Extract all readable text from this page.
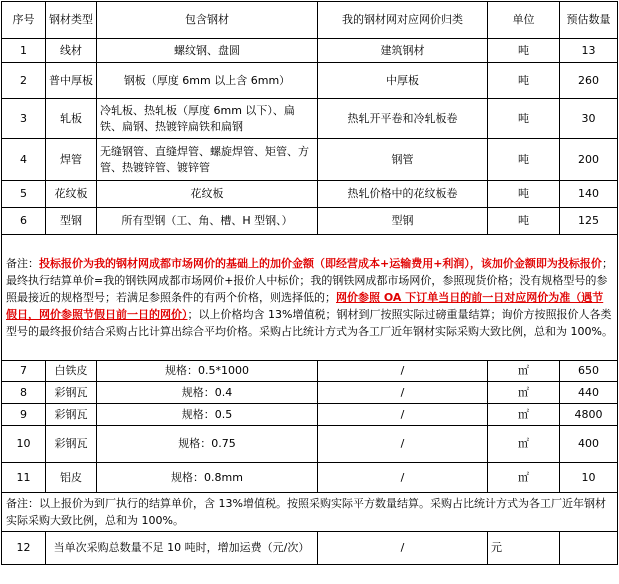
序号	钢材类型	包含钢材	我的钢材网对应网价归类	单位	预估数量
1	线材	螺纹钢、盘圆	建筑钢材	吨	13
2	普中厚板	钢板（厚度 6mm 以上含 6mm）	中厚板	吨	260
3	轧板	冷轧板、热轧板（厚度 6mm 以下）、扁铁、扁钢、热镀锌扁铁和扁钢	热轧开平卷和冷轧板卷	吨	30
4	焊管	无缝钢管、直缝焊管、螺旋焊管、矩管、方管、热镀锌管、镀锌管	钢管	吨	200
5	花纹板	花纹板	热轧价格中的花纹板卷	吨	140
6	型钢	所有型钢（工、角、槽、H 型钢、）	型钢	吨	125
备注：投标报价为我的钢材网成都市场网价的基础上的加价金额（即经营成本+运输费用+利润），该加价金额即为投标报价；最终执行结算单价=我的钢铁网成都市场网价+报价人中标价；我的钢铁网成都市场网价，参照现货价格；没有规格型号的参照最接近的规格型号；若满足参照条件的有两个价格，则选择低的；网价参照 OA 下订单当日的前一日对应网价为准（遇节假日，网价参照节假日前一日的网价）；以上价格均含 13%增值税；钢材到厂按照实际过磅重量结算；询价方按照报价人各类型号的最终报价结合采购占比计算出综合平均价格。采购占比统计方式为各工厂近年钢材实际采购大致比例，总和为 100%。					
7	白铁皮	规格：0.5*1000	/	㎡	650
8	彩钢瓦	规格：0.4	/	㎡	440
9	彩钢瓦	规格：0.5	/	㎡	4800
10	彩钢瓦	规格：0.75	/	㎡	400
11	铝皮	规格：0.8mm	/	㎡	10
备注：以上报价为到厂执行的结算单价，含 13%增值税。按照采购实际平方数量结算。采购占比统计方式为各工厂近年钢材实际采购大致比例，总和为 100%。					
12	当单次采购总数量不足 10 吨时，增加运费（元/次）		/	元	
